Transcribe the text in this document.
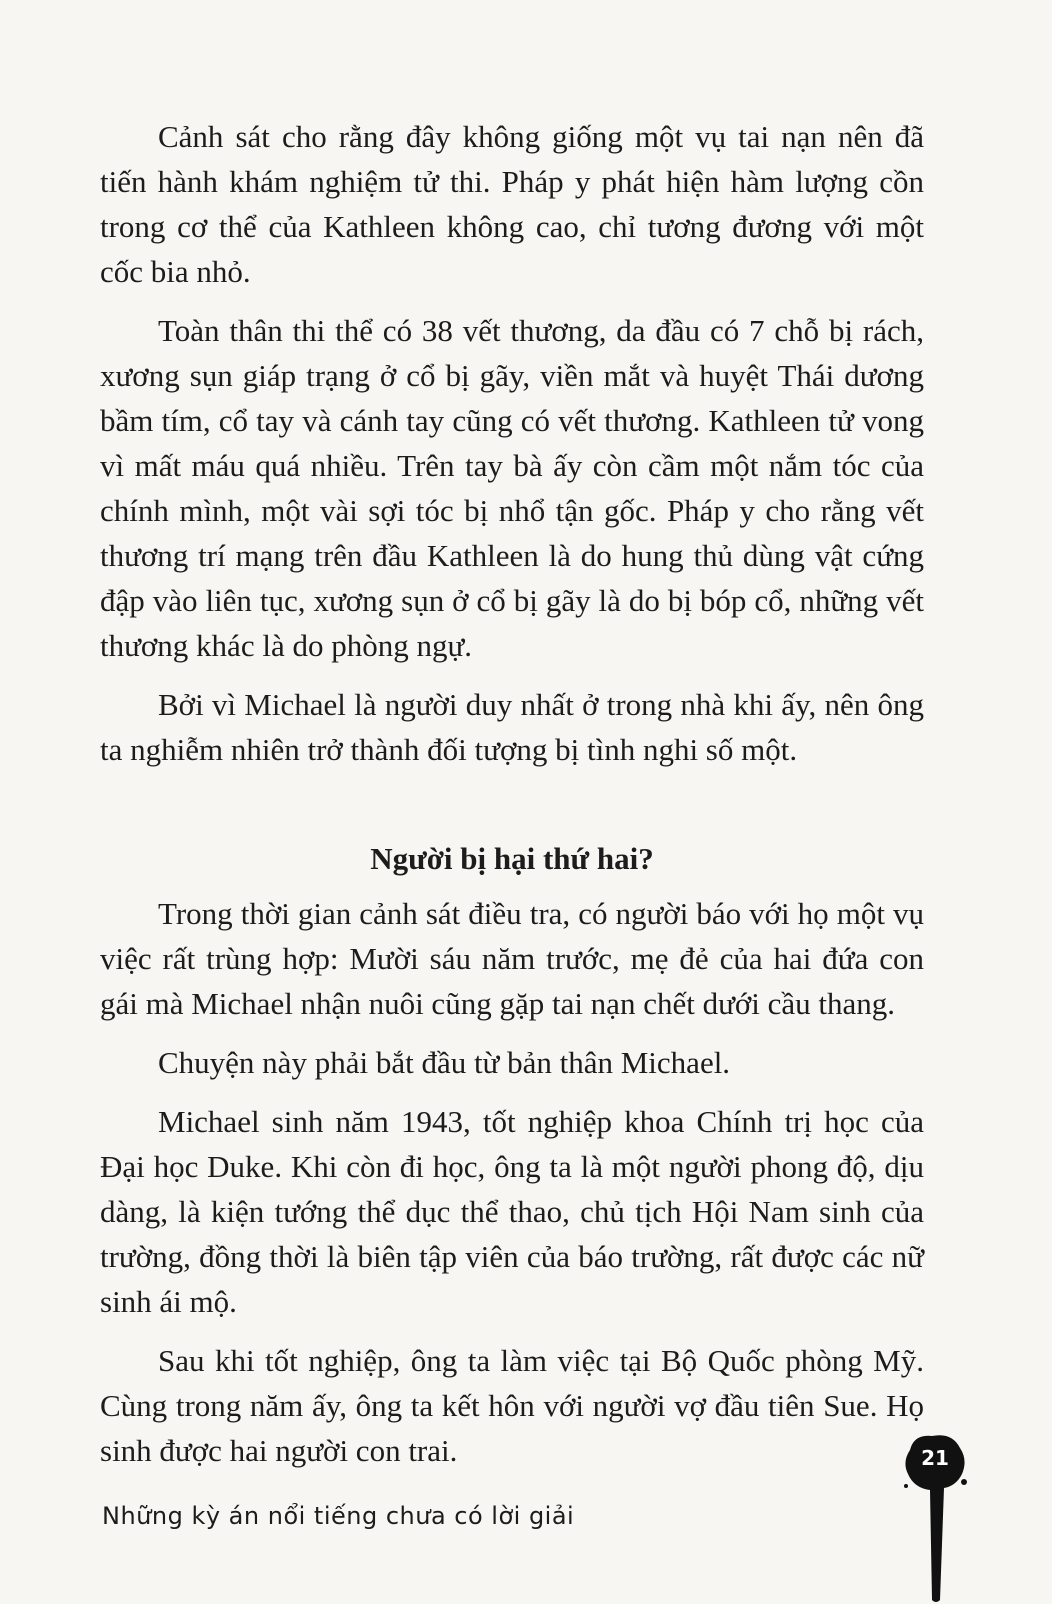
Cảnh sát cho rằng đây không giống một vụ tai nạn nên đã tiến hành khám nghiệm tử thi. Pháp y phát hiện hàm lượng cồn trong cơ thể của Kathleen không cao, chỉ tương đương với một cốc bia nhỏ.

Toàn thân thi thể có 38 vết thương, da đầu có 7 chỗ bị rách, xương sụn giáp trạng ở cổ bị gãy, viền mắt và huyệt Thái dương bầm tím, cổ tay và cánh tay cũng có vết thương. Kathleen tử vong vì mất máu quá nhiều. Trên tay bà ấy còn cầm một nắm tóc của chính mình, một vài sợi tóc bị nhổ tận gốc. Pháp y cho rằng vết thương trí mạng trên đầu Kathleen là do hung thủ dùng vật cứng đập vào liên tục, xương sụn ở cổ bị gãy là do bị bóp cổ, những vết thương khác là do phòng ngự.

Bởi vì Michael là người duy nhất ở trong nhà khi ấy, nên ông ta nghiễm nhiên trở thành đối tượng bị tình nghi số một.

Người bị hại thứ hai?

Trong thời gian cảnh sát điều tra, có người báo với họ một vụ việc rất trùng hợp: Mười sáu năm trước, mẹ đẻ của hai đứa con gái mà Michael nhận nuôi cũng gặp tai nạn chết dưới cầu thang.

Chuyện này phải bắt đầu từ bản thân Michael.

Michael sinh năm 1943, tốt nghiệp khoa Chính trị học của Đại học Duke. Khi còn đi học, ông ta là một người phong độ, dịu dàng, là kiện tướng thể dục thể thao, chủ tịch Hội Nam sinh của trường, đồng thời là biên tập viên của báo trường, rất được các nữ sinh ái mộ.

Sau khi tốt nghiệp, ông ta làm việc tại Bộ Quốc phòng Mỹ. Cùng trong năm ấy, ông ta kết hôn với người vợ đầu tiên Sue. Họ sinh được hai người con trai.

Những kỳ án nổi tiếng chưa có lời giải
21
